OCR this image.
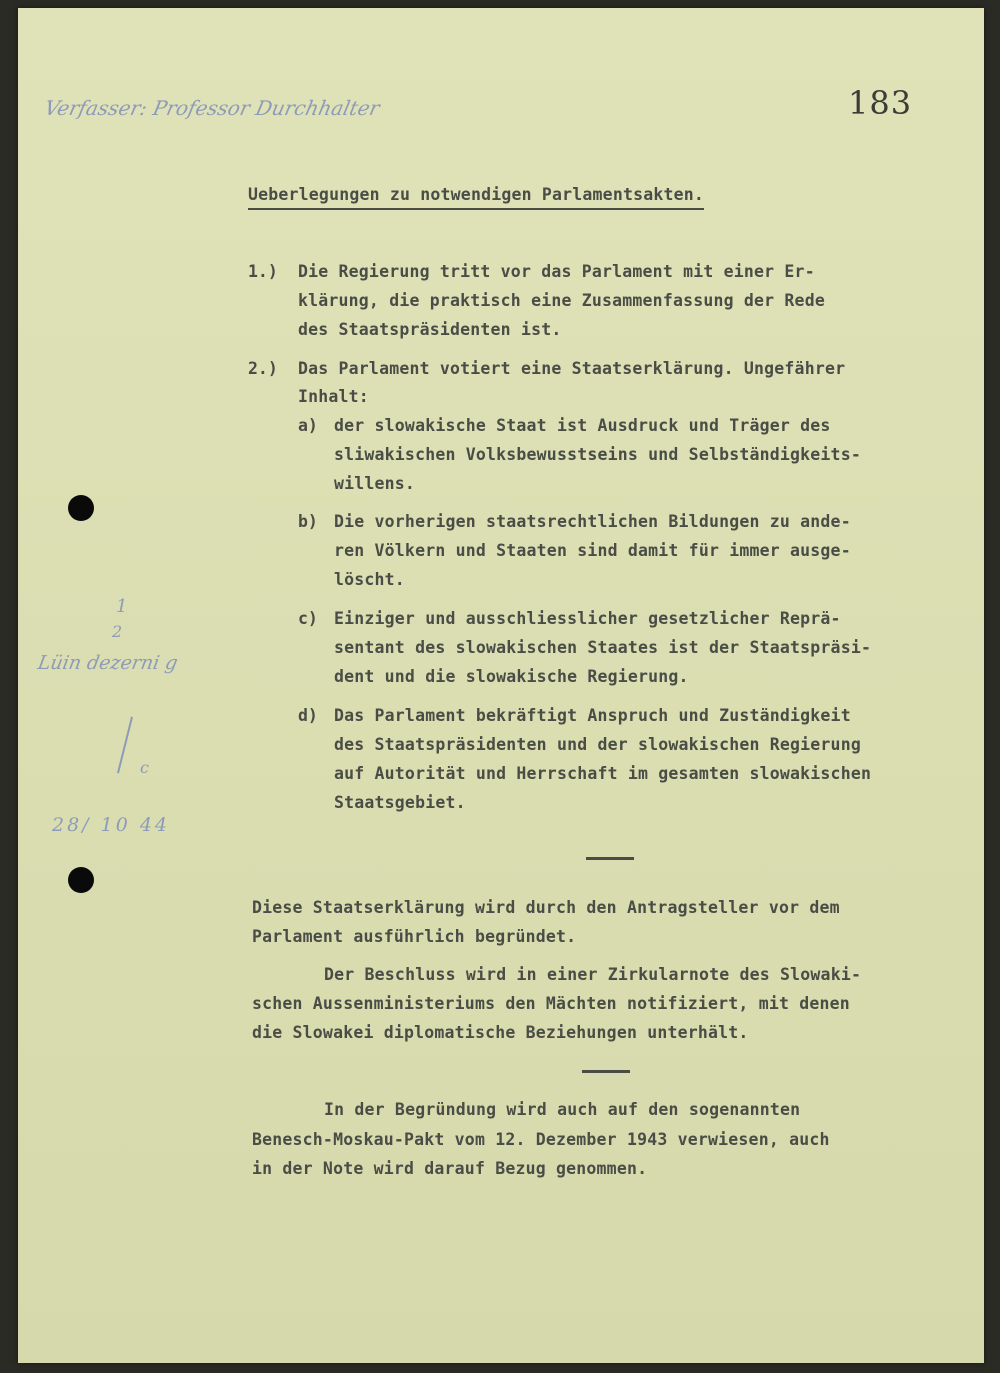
Verfasser: Professor Durchhalter	183
Ueberlegungen zu notwendigen Parlamentsakten.
1.) Die Regierung tritt vor das Parlament mit einer Er-
klärung, die praktisch eine Zusammenfassung der Rede
des Staatspräsidenten ist.
2.) Das Parlament votiert eine Staatserklärung. Ungefährer
Inhalt:
a) der slowakische Staat ist Ausdruck und Träger des
sliwakischen Volksbewusstseins und Selbständigkeits-
willens.
b) Die vorherigen staatsrechtlichen Bildungen zu ande-
ren Völkern und Staaten sind damit für immer ausge-
löscht.
c) Einziger und ausschliesslicher gesetzlicher Reprä-
sentant des slowakischen Staates ist der Staatspräsi-
dent und die slowakische Regierung.
d) Das Parlament bekräftigt Anspruch und Zuständigkeit
des Staatspräsidenten und der slowakischen Regierung
auf Autorität und Herrschaft im gesamten slowakischen
Staatsgebiet.
1
2
Lüin dezerni g
c
28/ 10 44
Diese Staatserklärung wird durch den Antragsteller vor dem
Parlament ausführlich begründet.
Der Beschluss wird in einer Zirkularnote des Slowaki-
schen Aussenministeriums den Mächten notifiziert, mit denen
die Slowakei diplomatische Beziehungen unterhält.
In der Begründung wird auch auf den sogenannten
Benesch-Moskau-Pakt vom 12. Dezember 1943 verwiesen, auch
in der Note wird darauf Bezug genommen.
